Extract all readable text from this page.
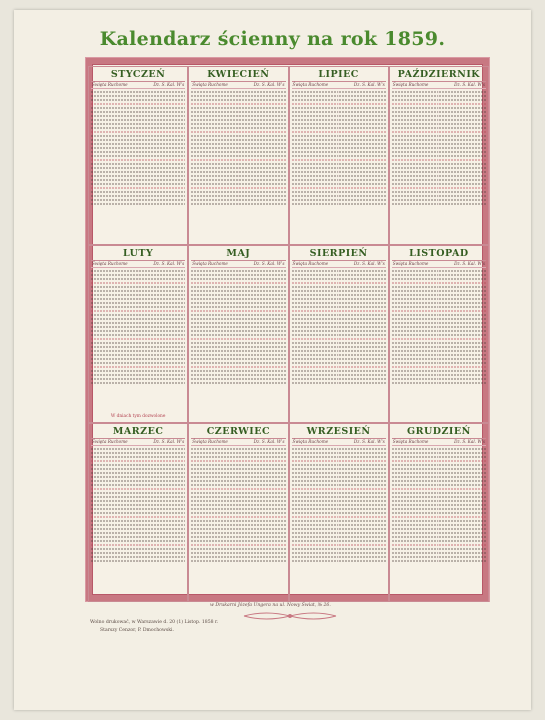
Kalendarz ścienny na rok 1859.
STYCZEŃ
Święta Ruchome	Dz. S. Kal. W's
KWIECIEŃ
Święta Ruchome	Dz. S. Kal. W's
LIPIEC
Święta Ruchome	Dz. S. Kal. W's
PAŹDZIERNIK
Święta Ruchome	Dz. S. Kal. W's
LUTY
Święta Ruchome	Dz. S. Kal. W's
W dniach tym dozwolone
MAJ
Święta Ruchome	Dz. S. Kal. W's
SIERPIEŃ
Święta Ruchome	Dz. S. Kal. W's
LISTOPAD
Święta Ruchome	Dz. S. Kal. W's
MARZEC
Święta Ruchome	Dz. S. Kal. W's
CZERWIEC
Święta Ruchome	Dz. S. Kal. W's
WRZESIEŃ
Święta Ruchome	Dz. S. Kal. W's
GRUDZIEŃ
Święta Ruchome	Dz. S. Kal. W's
w Drukarni Józefa Ungera na ul. Nowy Świat, № 26.
Wolno drukować, w Warszawie d. 20 (1) Listop. 1858 r.
Starszy Cenzor, P. Dmochowski.
